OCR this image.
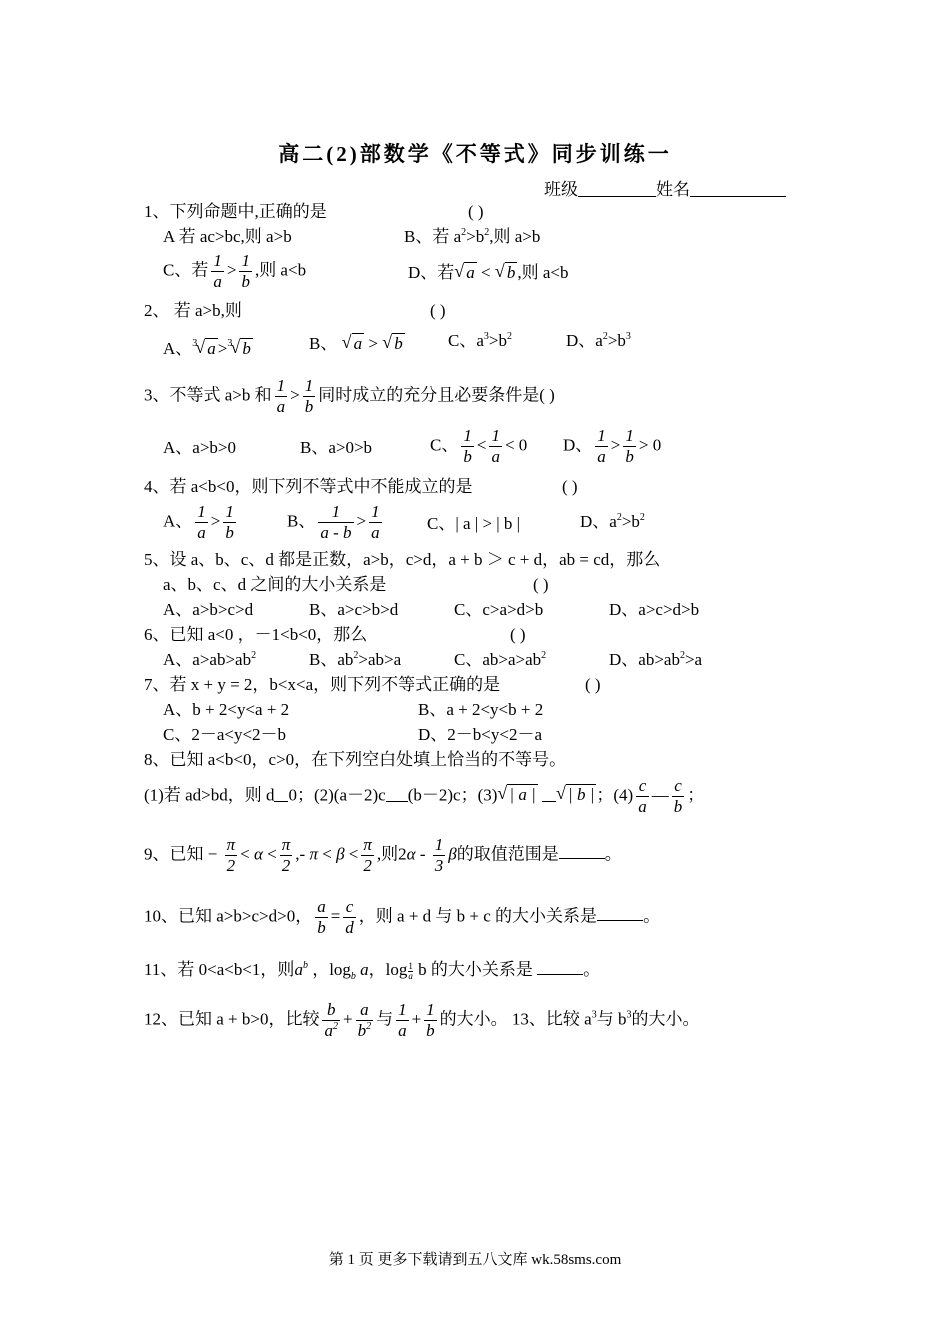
高二(2)部数学《不等式》同步训练一
班级	姓名
1、下列命题中,正确的是	( )
A 若 ac>bc,则 a>b	B、若 $a^2>b^2$,则 a>b
C、若 $\frac{1}{a} > \frac{1}{b}$ ,则 a<b	D、若 √ a < √ b ,则 a<b
2、 若 a>b,则	( )
A、$^3$ √ a >$^3$ √ b	B、 √ a > √ b	C、$a^3>b^2$	D、$a^2>b^3$
3、不等式 a>b 和 $\frac{1}{a} > \frac{1}{b}$ 同时成立的充分且必要条件是( )
A、a>b>0	B、a>0>b	C、 $\frac{1}{b} < \frac{1}{a} < 0$ D、 $\frac{1}{a} > \frac{1}{b} > 0$
4、若 a<b<0，则下列不等式中不能成立的是	( )
A、 $\frac{1}{a} > \frac{1}{b}$	B、 $\frac{1}{a - b} > \frac{1}{a}$	C、| a | > | b |	D、$a^2>b^2$
5、设 a、b、c、d 都是正数，a>b，c>d，a + b ＞ c + d，ab = cd，那么
a、b、c、d 之间的大小关系是	( )
A、a>b>c>d	B、a>c>b>d	C、c>a>d>b	D、a>c>d>b
6、已知 a<0 ，－1<b<0，那么	( )
A、$a>ab>ab^2$	B、$ab^2>ab>a$	C、$ab>a>ab^2$	D、$ab>ab^2>a$
7、若 x + y = 2，b<x<a，则下列不等式正确的是	( )
A、b + 2<y<a + 2	B、a + 2<y<b + 2
C、2－a<y<2－b	D、2－b<y<2－a
8、已知 a<b<0，c>0，在下列空白处填上恰当的不等号。
(1)若 ad>bd，则 d 0；(2)(a－2)c (b－2)c；(3) √ | a | √ | b | ；$(4) \frac{c}{a}$ — $\frac{c}{b}$ ；
9、已知 − $\frac{\pi}{2} < \alpha < \frac{\pi}{2}$ ,- $\pi < \beta < \frac{\pi}{2}$ ,则$2\alpha - \frac{1}{3}$ β的取值范围是	。
10、已知 a>b>c>d>0， $\frac{a}{b} = \frac{c}{d}$ ，则 a + d 与 b + c 的大小关系是	。
11、若 0<a<b<1，则$a^b$ ，$\log_b a$，$\log \frac{1}{a}$ b 的大小关系是	。
12、已知 a + b>0，比较 $\frac{b}{a^2} + \frac{a}{b^2}$ 与 $\frac{1}{a} + \frac{1}{b}$ 的大小。 13、比较 $a^3$与 $b^3$的大小。
第 1 页 更多下载请到五八文库 wk.58sms.com
